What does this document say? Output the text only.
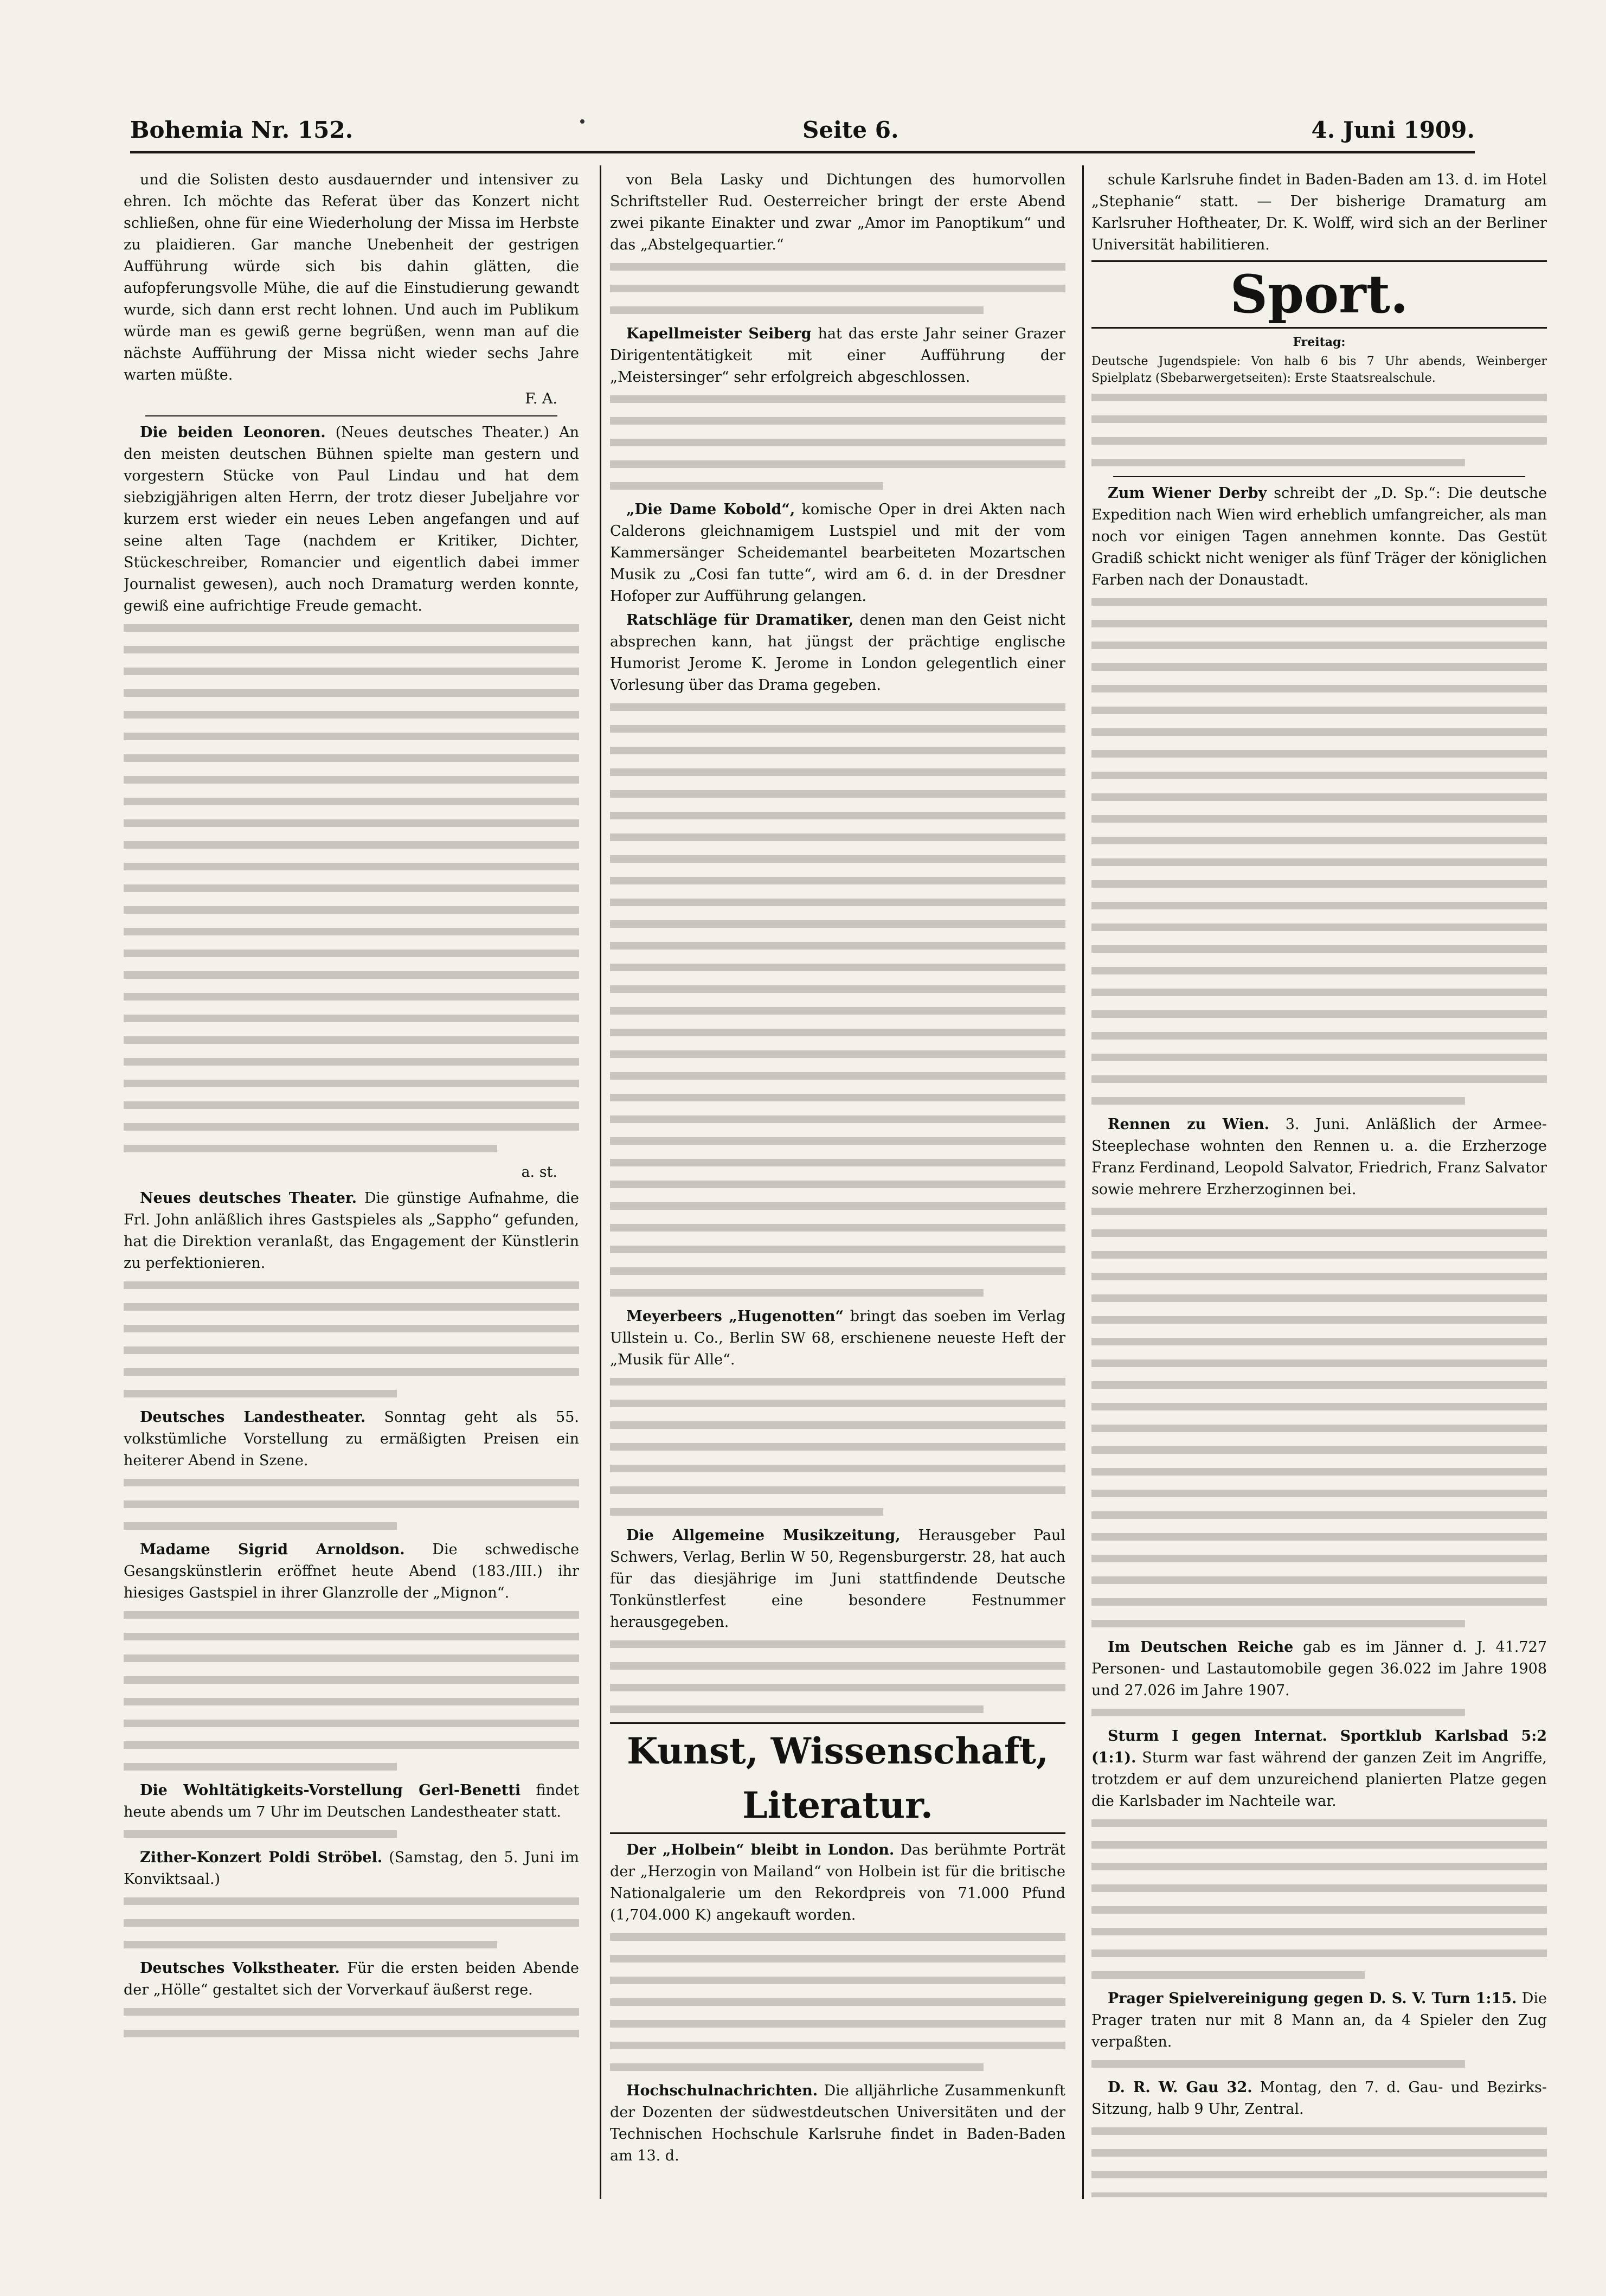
Bohemia Nr. 152.	Seite 6.	4. Juni 1909.

und die Solisten desto ausdauernder und intensiver zu ehren. Ich möchte das Referat über das Konzert nicht schließen, ohne für eine Wiederholung der Missa im Herbste zu plaidieren. Gar manche Unebenheit der gestrigen Aufführung würde sich bis dahin glätten, die aufopferungsvolle Mühe, die auf die Einstudierung gewandt wurde, sich dann erst recht lohnen. Und auch im Publikum würde man es gewiß gerne begrüßen, wenn man auf die nächste Aufführung der Missa nicht wieder sechs Jahre warten müßte.

F. A.

Die beiden Leonoren. (Neues deutsches Theater.) An den meisten deutschen Bühnen spielte man gestern und vorgestern Stücke von Paul Lindau und hat dem siebzigjährigen alten Herrn, der trotz dieser Jubeljahre vor kurzem erst wieder ein neues Leben angefangen und auf seine alten Tage (nachdem er Kritiker, Dichter, Stückeschreiber, Romancier und eigentlich dabei immer Journalist gewesen), auch noch Dramaturg werden konnte, gewiß eine aufrichtige Freude gemacht.

a. st.

Neues deutsches Theater. Die günstige Aufnahme, die Frl. John anläßlich ihres Gastspieles als „Sappho“ gefunden, hat die Direktion veranlaßt, das Engagement der Künstlerin zu perfektionieren.

Deutsches Landestheater. Sonntag geht als 55. volkstümliche Vorstellung zu ermäßigten Preisen ein heiterer Abend in Szene.

Madame Sigrid Arnoldson. Die schwedische Gesangskünstlerin eröffnet heute Abend (183./III.) ihr hiesiges Gastspiel in ihrer Glanzrolle der „Mignon“.

Die Wohltätigkeits-Vorstellung Gerl-Benetti findet heute abends um 7 Uhr im Deutschen Landestheater statt.

Zither-Konzert Poldi Ströbel. (Samstag, den 5. Juni im Konviktsaal.)

Deutsches Volkstheater. Für die ersten beiden Abende der „Hölle“ gestaltet sich der Vorverkauf äußerst rege.

von Bela Lasky und Dichtungen des humorvollen Schriftsteller Rud. Oesterreicher bringt der erste Abend zwei pikante Einakter und zwar „Amor im Panoptikum“ und das „Abstelgequartier.“

Kapellmeister Seiberg hat das erste Jahr seiner Grazer Dirigententätigkeit mit einer Aufführung der „Meistersinger“ sehr erfolgreich abgeschlossen.

„Die Dame Kobold“, komische Oper in drei Akten nach Calderons gleichnamigem Lustspiel und mit der vom Kammersänger Scheidemantel bearbeiteten Mozartschen Musik zu „Cosi fan tutte“, wird am 6. d. in der Dresdner Hofoper zur Aufführung gelangen.

Ratschläge für Dramatiker, denen man den Geist nicht absprechen kann, hat jüngst der prächtige englische Humorist Jerome K. Jerome in London gelegentlich einer Vorlesung über das Drama gegeben.

Meyerbeers „Hugenotten“ bringt das soeben im Verlag Ullstein u. Co., Berlin SW 68, erschienene neueste Heft der „Musik für Alle“.

Die Allgemeine Musikzeitung, Herausgeber Paul Schwers, Verlag, Berlin W 50, Regensburgerstr. 28, hat auch für das diesjährige im Juni stattfindende Deutsche Tonkünstlerfest eine besondere Festnummer herausgegeben.

Kunst, Wissenschaft, Literatur.

Der „Holbein“ bleibt in London. Das berühmte Porträt der „Herzogin von Mailand“ von Holbein ist für die britische Nationalgalerie um den Rekordpreis von 71.000 Pfund (1,704.000 K) angekauft worden.

Hochschulnachrichten. Die alljährliche Zusammenkunft der Dozenten der südwestdeutschen Universitäten und der Technischen Hochschule Karlsruhe findet in Baden-Baden am 13. d.

schule Karlsruhe findet in Baden-Baden am 13. d. im Hotel „Stephanie“ statt. — Der bisherige Dramaturg am Karlsruher Hoftheater, Dr. K. Wolff, wird sich an der Berliner Universität habilitieren.

Sport.

Freitag:

Deutsche Jugendspiele: Von halb 6 bis 7 Uhr abends, Weinberger Spielplatz (Sbebarwergetseiten): Erste Staatsrealschule.

Zum Wiener Derby schreibt der „D. Sp.“: Die deutsche Expedition nach Wien wird erheblich umfangreicher, als man noch vor einigen Tagen annehmen konnte. Das Gestüt Gradiß schickt nicht weniger als fünf Träger der königlichen Farben nach der Donaustadt.

Rennen zu Wien. 3. Juni. Anläßlich der Armee-Steeplechase wohnten den Rennen u. a. die Erzherzoge Franz Ferdinand, Leopold Salvator, Friedrich, Franz Salvator sowie mehrere Erzherzoginnen bei.

Im Deutschen Reiche gab es im Jänner d. J. 41.727 Personen- und Lastautomobile gegen 36.022 im Jahre 1908 und 27.026 im Jahre 1907.

Sturm I gegen Internat. Sportklub Karlsbad 5:2 (1:1). Sturm war fast während der ganzen Zeit im Angriffe, trotzdem er auf dem unzureichend planierten Platze gegen die Karlsbader im Nachteile war.

Prager Spielvereinigung gegen D. S. V. Turn 1:15. Die Prager traten nur mit 8 Mann an, da 4 Spieler den Zug verpaßten.

D. R. W. Gau 32. Montag, den 7. d. Gau- und Bezirks-Sitzung, halb 9 Uhr, Zentral.
